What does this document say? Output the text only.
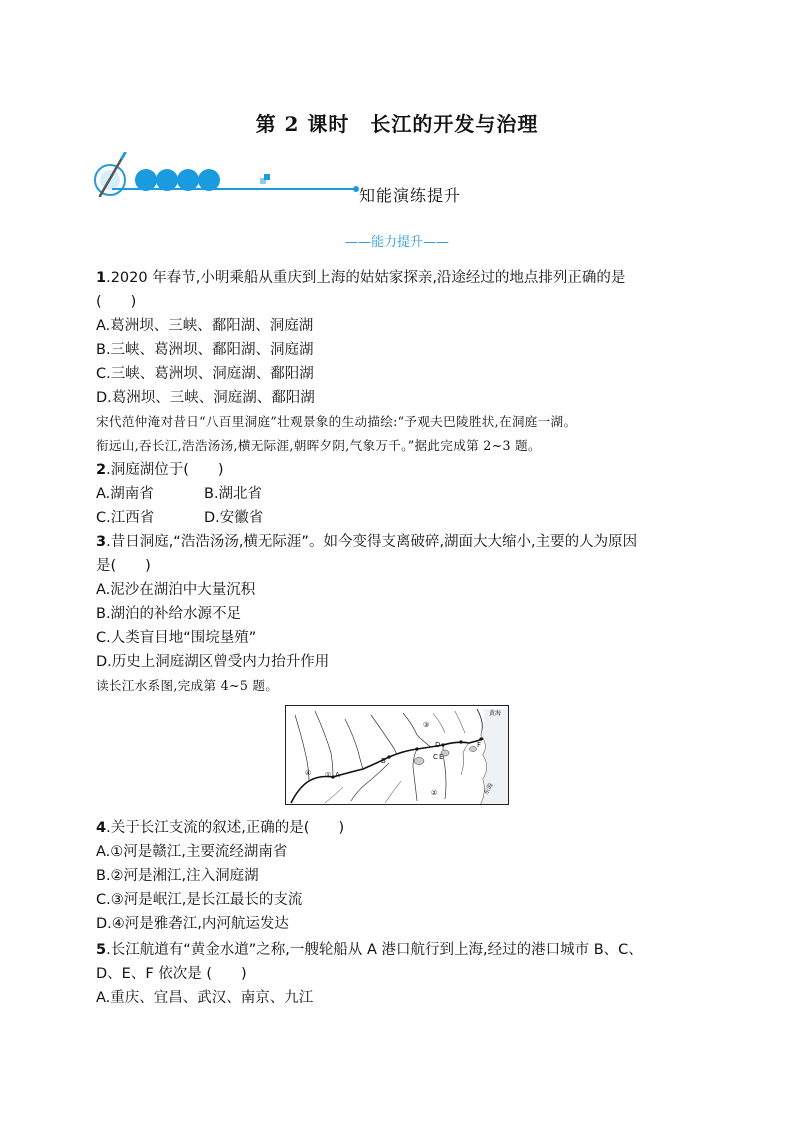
第 2 课时　长江的开发与治理
知能演练提升
——能力提升——
1.2020 年春节,小明乘船从重庆到上海的姑姑家探亲,沿途经过的地点排列正确的是
(　　)
A.葛洲坝、三峡、鄱阳湖、洞庭湖
B.三峡、葛洲坝、鄱阳湖、洞庭湖
C.三峡、葛洲坝、洞庭湖、鄱阳湖
D.葛洲坝、三峡、洞庭湖、鄱阳湖
宋代范仲淹对昔日“八百里洞庭”壮观景象的生动描绘:“予观夫巴陵胜状,在洞庭一湖。
衔远山,吞长江,浩浩汤汤,横无际涯,朝晖夕阴,气象万千。”据此完成第 2~3 题。
2.洞庭湖位于(　　)
A.湖南省	B.湖北省
C.江西省	D.安徽省
3.昔日洞庭,“浩浩汤汤,横无际涯”。如今变得支离破碎,湖面大大缩小,主要的人为原因
是(　　)
A.泥沙在湖泊中大量沉积
B.湖泊的补给水源不足
C.人类盲目地“围垸垦殖”
D.历史上洞庭湖区曾受内力抬升作用
读长江水系图,完成第 4~5 题。
黄海
东海
A
B	C
D
E
F
①
②
③
④
4.关于长江支流的叙述,正确的是(　　)
A.①河是赣江,主要流经湖南省
B.②河是湘江,注入洞庭湖
C.③河是岷江,是长江最长的支流
D.④河是雅砻江,内河航运发达
5.长江航道有“黄金水道”之称,一艘轮船从 A 港口航行到上海,经过的港口城市 B、C、
D、E、F 依次是 (　　)
A.重庆、宜昌、武汉、南京、九江
